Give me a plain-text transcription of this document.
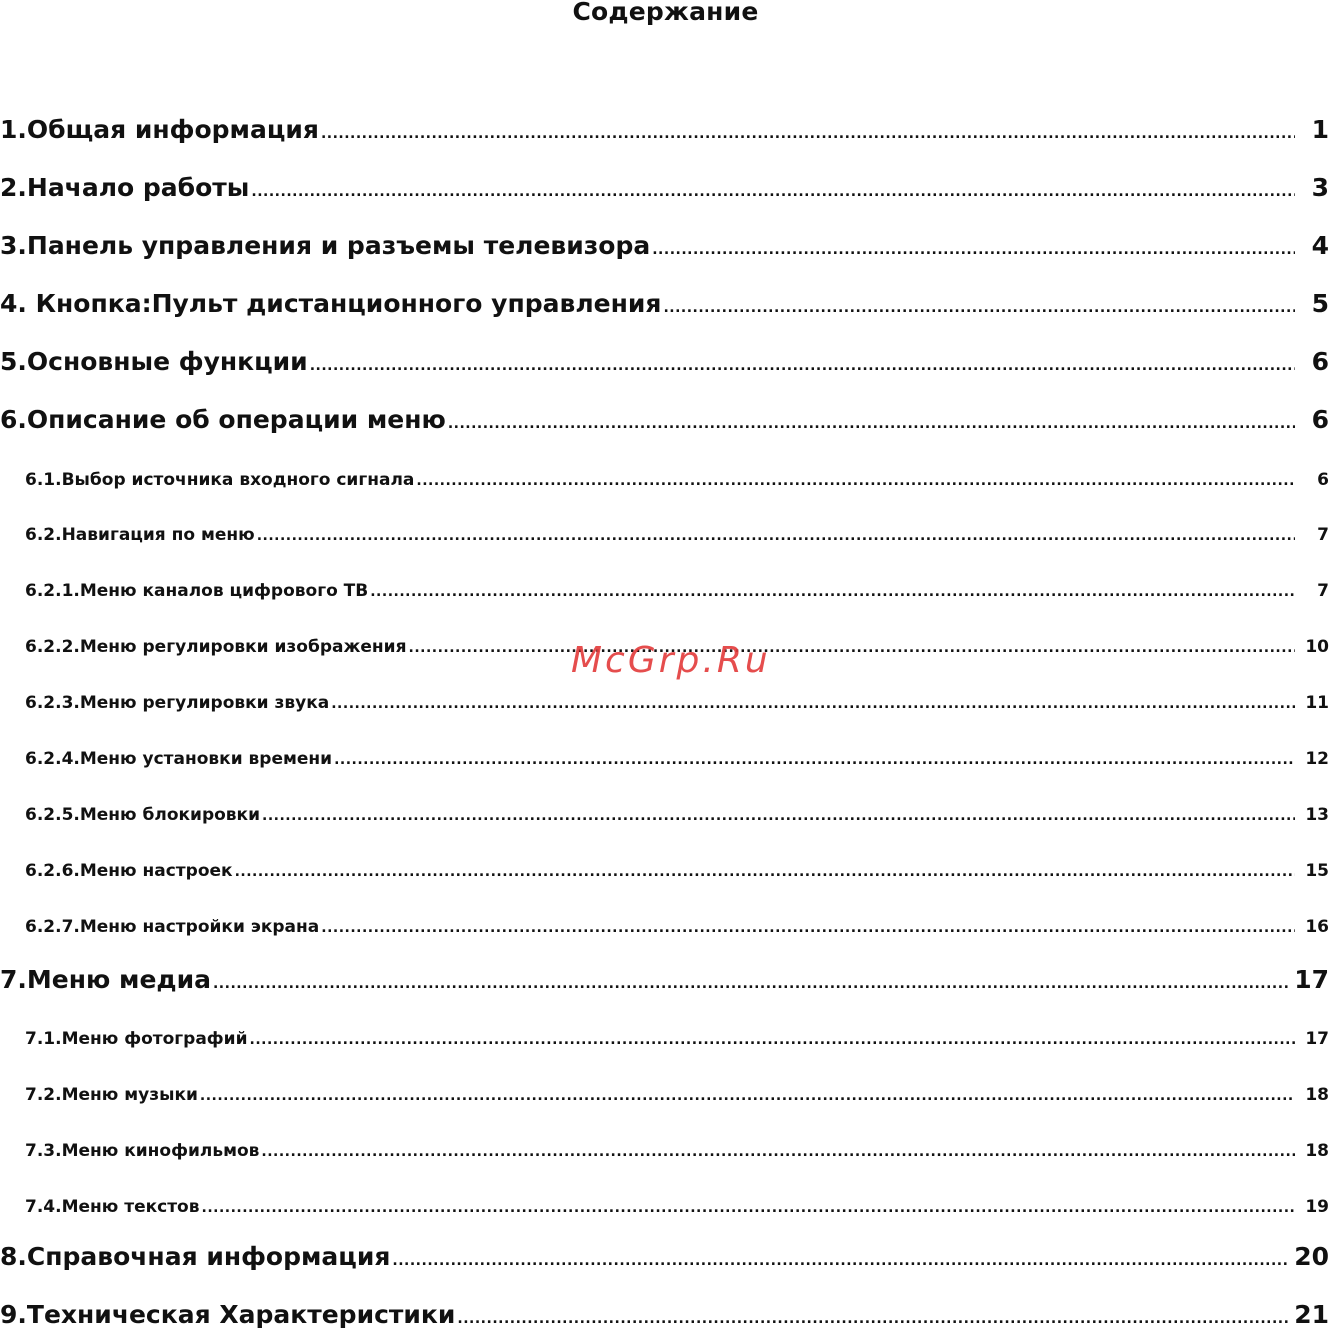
Содержание
1.Общая информация .....	1
2.Начало работы .....	3
3.Панель управления и разъемы телевизора .....	4
4. Кнопка:Пульт дистанционного управления .....	5
5.Основные функции .....	6
6.Описание об операции меню .....	6
6.1.Выбор источника входного сигнала .....	6
6.2.Навигация по меню .....	7
6.2.1.Меню каналов цифрового ТВ .....	7
6.2.2.Меню регулировки изображения .....	10
6.2.3.Меню регулировки звука .....	11
6.2.4.Меню установки времени .....	12
6.2.5.Меню блокировки .....	13
6.2.6.Меню настроек .....	15
6.2.7.Меню настройки экрана .....	16
7.Меню медиа .....	17
7.1.Меню фотографий .....	17
7.2.Меню музыки .....	18
7.3.Меню кинофильмов .....	18
7.4.Меню текстов .....	19
8.Справочная информация .....	20
9.Техническая Характеристики .....	21
McGrp.Ru
